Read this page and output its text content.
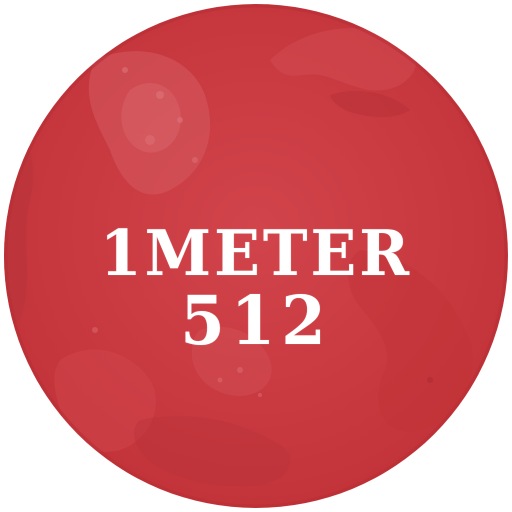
1METER
512
